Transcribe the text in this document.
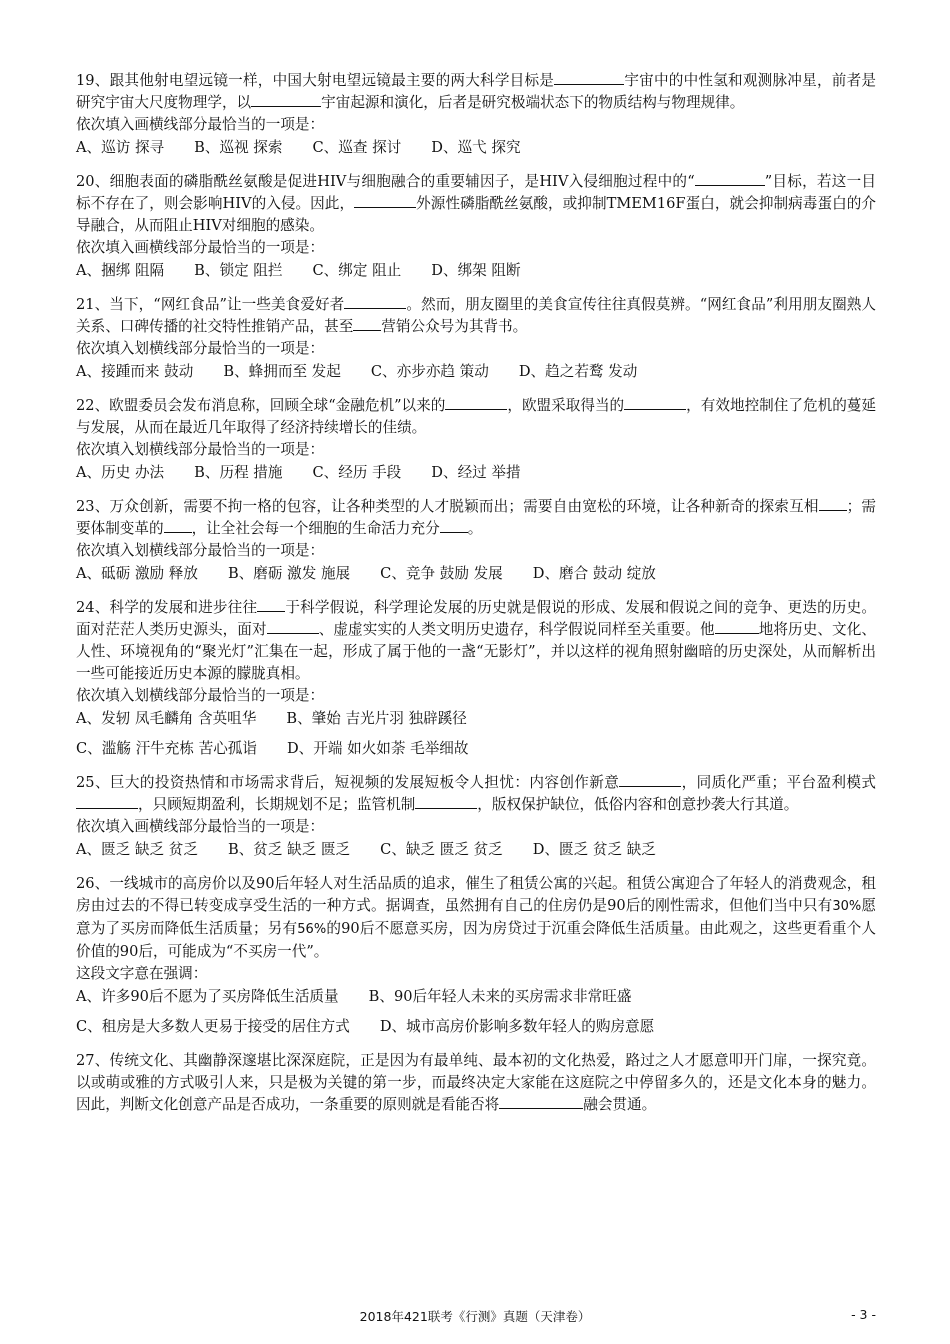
19、跟其他射电望远镜一样，中国大射电望远镜最主要的两大科学目标是	宇宙中的中性氢和观测脉冲星，前者是研究宇宙大尺度物理学，以	宇宙起源和演化，后者是研究极端状态下的物质结构与物理规律。

依次填入画横线部分最恰当的一项是：

A、巡访 探寻 B、巡视 探索 C、巡查 探讨 D、巡弋 探究

20、细胞表面的磷脂酰丝氨酸是促进HIV与细胞融合的重要辅因子，是HIV入侵细胞过程中的“	”目标，若这一目标不存在了，则会影响HIV的入侵。因此，	外源性磷脂酰丝氨酸，或抑制TMEM16F蛋白，就会抑制病毒蛋白的介导融合，从而阻止HIV对细胞的感染。

依次填入画横线部分最恰当的一项是：

A、捆绑 阻隔 B、锁定 阻拦 C、绑定 阻止 D、绑架 阻断

21、当下，“网红食品”让一些美食爱好者	。然而，朋友圈里的美食宣传往往真假莫辨。“网红食品”利用朋友圈熟人关系、口碑传播的社交特性推销产品，甚至 营销公众号为其背书。

依次填入划横线部分最恰当的一项是：

A、接踵而来 鼓动 B、蜂拥而至 发起 C、亦步亦趋 策动 D、趋之若鹜 发动

22、欧盟委员会发布消息称，回顾全球“金融危机”以来的	，欧盟采取得当的	，有效地控制住了危机的蔓延与发展，从而在最近几年取得了经济持续增长的佳绩。

依次填入划横线部分最恰当的一项是：

A、历史 办法 B、历程 措施 C、经历 手段 D、经过 举措

23、万众创新，需要不拘一格的包容，让各种类型的人才脱颖而出；需要自由宽松的环境，让各种新奇的探索互相 ；需要体制变革的 ，让全社会每一个细胞的生命活力充分 。

依次填入划横线部分最恰当的一项是：

A、砥砺 激励 释放 B、磨砺 激发 施展 C、竞争 鼓励 发展 D、磨合 鼓动 绽放

24、科学的发展和进步往往 于科学假说，科学理论发展的历史就是假说的形成、发展和假说之间的竞争、更迭的历史。面对茫茫人类历史源头，面对	、虚虚实实的人类文明历史遗存，科学假说同样至关重要。他	地将历史、文化、人性、环境视角的“聚光灯”汇集在一起，形成了属于他的一盏“无影灯”，并以这样的视角照射幽暗的历史深处，从而解析出一些可能接近历史本源的朦胧真相。

依次填入划横线部分最恰当的一项是：

A、发轫 凤毛麟角 含英咀华 B、肇始 吉光片羽 独辟蹊径
C、滥觞 汗牛充栋 苦心孤诣 D、开端 如火如荼 毛举细故

25、巨大的投资热情和市场需求背后，短视频的发展短板令人担忧：内容创作新意	，同质化严重；平台盈利模式，只顾短期盈利，长期规划不足；监管机制	，版权保护缺位，低俗内容和创意抄袭大行其道。

依次填入画横线部分最恰当的一项是：

A、匮乏 缺乏 贫乏 B、贫乏 缺乏 匮乏 C、缺乏 匮乏 贫乏 D、匮乏 贫乏 缺乏

26、一线城市的高房价以及90后年轻人对生活品质的追求，催生了租赁公寓的兴起。租赁公寓迎合了年轻人的消费观念，租房由过去的不得已转变成享受生活的一种方式。据调查，虽然拥有自己的住房仍是90后的刚性需求，但他们当中只有30%愿意为了买房而降低生活质量；另有56%的90后不愿意买房，因为房贷过于沉重会降低生活质量。由此观之，这些更看重个人价值的90后，可能成为“不买房一代”。

这段文字意在强调：

A、许多90后不愿为了买房降低生活质量 B、90后年轻人未来的买房需求非常旺盛
C、租房是大多数人更易于接受的居住方式 D、城市高房价影响多数年轻人的购房意愿

27、传统文化、其幽静深邃堪比深深庭院，正是因为有最单纯、最本初的文化热爱，路过之人才愿意叩开门扉，一探究竟。以或萌或雅的方式吸引人来，只是极为关键的第一步，而最终决定大家能在这庭院之中停留多久的，还是文化本身的魅力。因此，判断文化创意产品是否成功，一条重要的原则就是看能否将	融会贯通。

2018年421联考《行测》真题（天津卷）	- 3 -
